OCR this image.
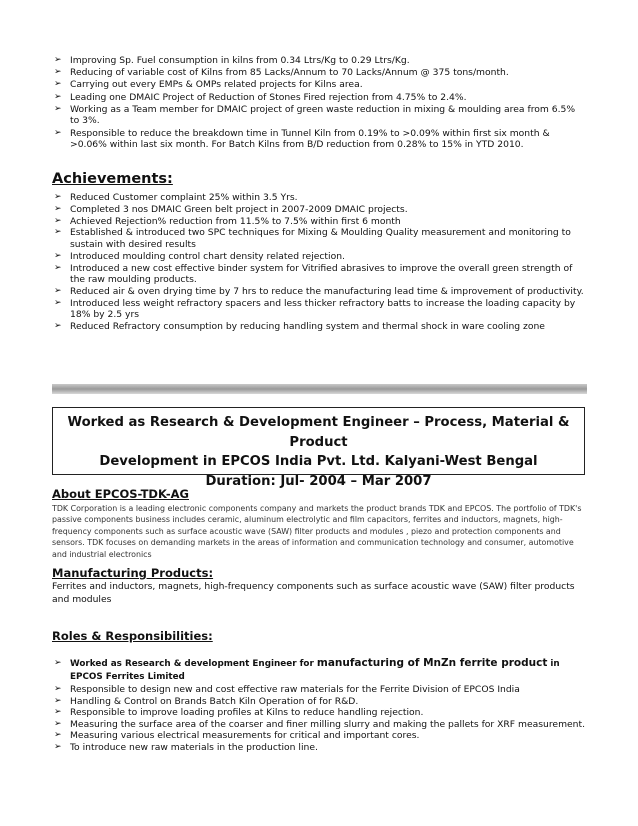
➢ Improving Sp. Fuel consumption in kilns from 0.34 Ltrs/Kg to 0.29 Ltrs/Kg.
➢ Reducing of variable cost of Kilns from 85 Lacks/Annum to 70 Lacks/Annum @ 375 tons/month.
➢ Carrying out every EMPs & OMPs related projects for Kilns area.
➢ Leading one DMAIC Project of Reduction of Stones Fired rejection from 4.75% to 2.4%.
➢ Working as a Team member for DMAIC project of green waste reduction in mixing & moulding area from 6.5% to 3%.
➢ Responsible to reduce the breakdown time in Tunnel Kiln from 0.19% to >0.09% within first six month & >0.06% within last six month. For Batch Kilns from B/D reduction from 0.28% to 15% in YTD 2010.
Achievements:
➢ Reduced Customer complaint 25% within 3.5 Yrs.
➢ Completed 3 nos DMAIC Green belt project in 2007-2009 DMAIC projects.
➢ Achieved Rejection% reduction from 11.5% to 7.5% within first 6 month
➢ Established & introduced two SPC techniques for Mixing & Moulding Quality measurement and monitoring to sustain with desired results
➢ Introduced moulding control chart density related rejection.
➢ Introduced a new cost effective binder system for Vitrified abrasives to improve the overall green strength of the raw moulding products.
➢ Reduced air & oven drying time by 7 hrs to reduce the manufacturing lead time & improvement of productivity.
➢ Introduced less weight refractory spacers and less thicker refractory batts to increase the loading capacity by 18% by 2.5 yrs
➢ Reduced Refractory consumption by reducing handling system and thermal shock in ware cooling zone
Worked as Research & Development Engineer – Process, Material & Product
Development in EPCOS India Pvt. Ltd. Kalyani-West Bengal
Duration: Jul- 2004 – Mar 2007
About EPCOS-TDK-AG

TDK Corporation is a leading electronic components company and markets the product brands TDK and EPCOS. The portfolio of TDK's passive components business includes ceramic, aluminum electrolytic and film capacitors, ferrites and inductors, magnets, high-frequency components such as surface acoustic wave (SAW) filter products and modules , piezo and protection components and sensors. TDK focuses on demanding markets in the areas of information and communication technology and consumer, automotive and industrial electronics

Manufacturing Products:

Ferrites and inductors, magnets, high-frequency components such as surface acoustic wave (SAW) filter products and modules

Roles & Responsibilities:
➢ Worked as Research & development Engineer for manufacturing of MnZn ferrite product in EPCOS Ferrites Limited
➢ Responsible to design new and cost effective raw materials for the Ferrite Division of EPCOS India
➢ Handling & Control on Brands Batch Kiln Operation of for R&D.
➢ Responsible to improve loading profiles at Kilns to reduce handling rejection.
➢ Measuring the surface area of the coarser and finer milling slurry and making the pallets for XRF measurement.
➢ Measuring various electrical measurements for critical and important cores.
➢ To introduce new raw materials in the production line.
